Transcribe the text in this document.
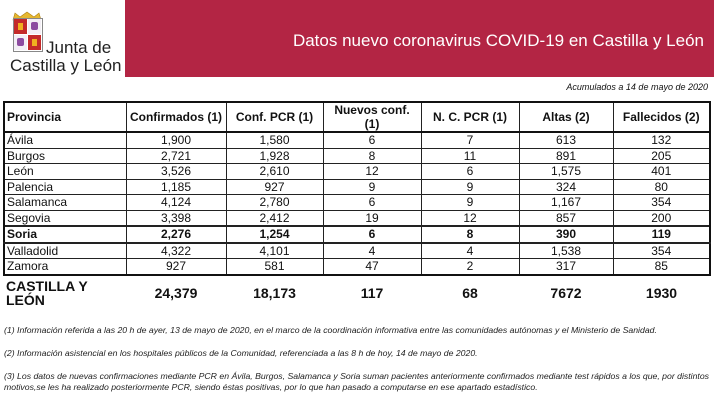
Junta de
Castilla y León
Datos nuevo coronavirus COVID-19 en Castilla y León
Acumulados a 14 de mayo de 2020
Provincia	Confirmados (1)	Conf. PCR (1)	Nuevos conf. (1)	N. C. PCR (1)	Altas (2)	Fallecidos (2)
Ávila	1,900	1,580	6	7	613	132
Burgos	2,721	1,928	8	11	891	205
León	3,526	2,610	12	6	1,575	401
Palencia	1,185	927	9	9	324	80
Salamanca	4,124	2,780	6	9	1,167	354
Segovia	3,398	2,412	19	12	857	200
Soria	2,276	1,254	6	8	390	119
Valladolid	4,322	4,101	4	4	1,538	354
Zamora	927	581	47	2	317	85
CASTILLA Y LEÓN	24,379	18,173	117	68	7672	1930

(1) Información referida a las 20 h de ayer, 13 de mayo de 2020, en el marco de la coordinación informativa entre las comunidades autónomas y el Ministerio de Sanidad.

(2) Información asistencial en los hospitales públicos de la Comunidad, referenciada a las 8 h de hoy, 14 de mayo de 2020.

(3) Los datos de nuevas confirmaciones mediante PCR en Ávila, Burgos, Salamanca y Soria suman pacientes anteriormente confirmados mediante test rápidos a los que, por distintos motivos,se les ha realizado posteriormente PCR, siendo éstas positivas, por lo que han pasado a computarse en ese apartado estadístico.
